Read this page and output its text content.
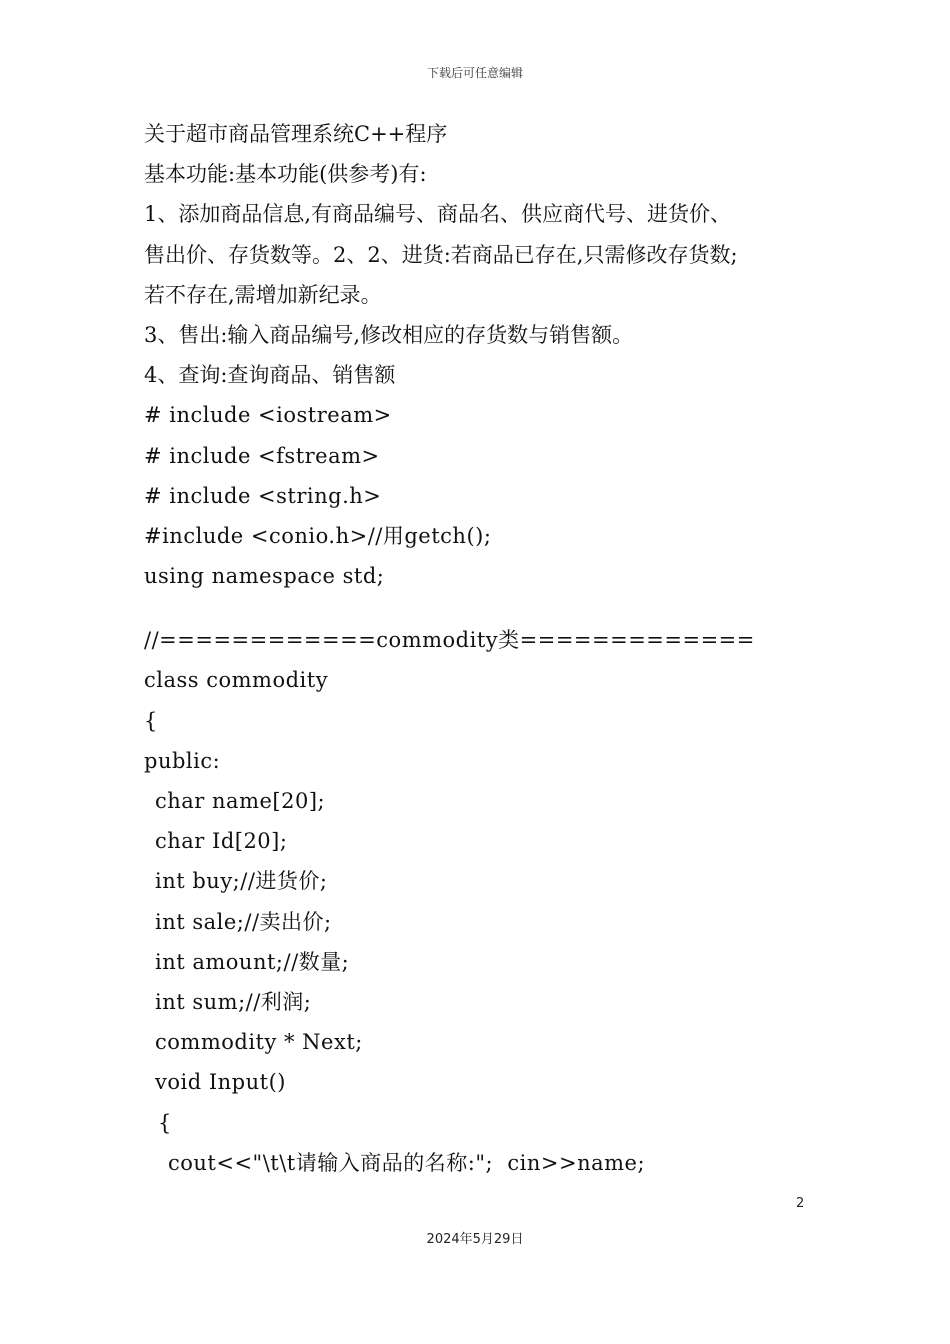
下载后可任意编辑
关于超市商品管理系统C++程序
基本功能:基本功能(供参考)有:
1、添加商品信息,有商品编号、商品名、供应商代号、进货价、
售出价、存货数等。2、2、进货:若商品已存在,只需修改存货数;
若不存在,需增加新纪录。
3、售出:输入商品编号,修改相应的存货数与销售额。
4、查询:查询商品、销售额
# include <iostream>
# include <fstream>
# include <string.h>
#include <conio.h>//用getch();
using namespace std;
//============commodity类=============
class commodity
{
public:
char name[20];
char Id[20];
int buy;//进货价;
int sale;//卖出价;
int amount;//数量;
int sum;//利润;
commodity * Next;
void Input()
{
cout<<"\t\t请输入商品的名称:";  cin>>name;
2
2024年5月29日
